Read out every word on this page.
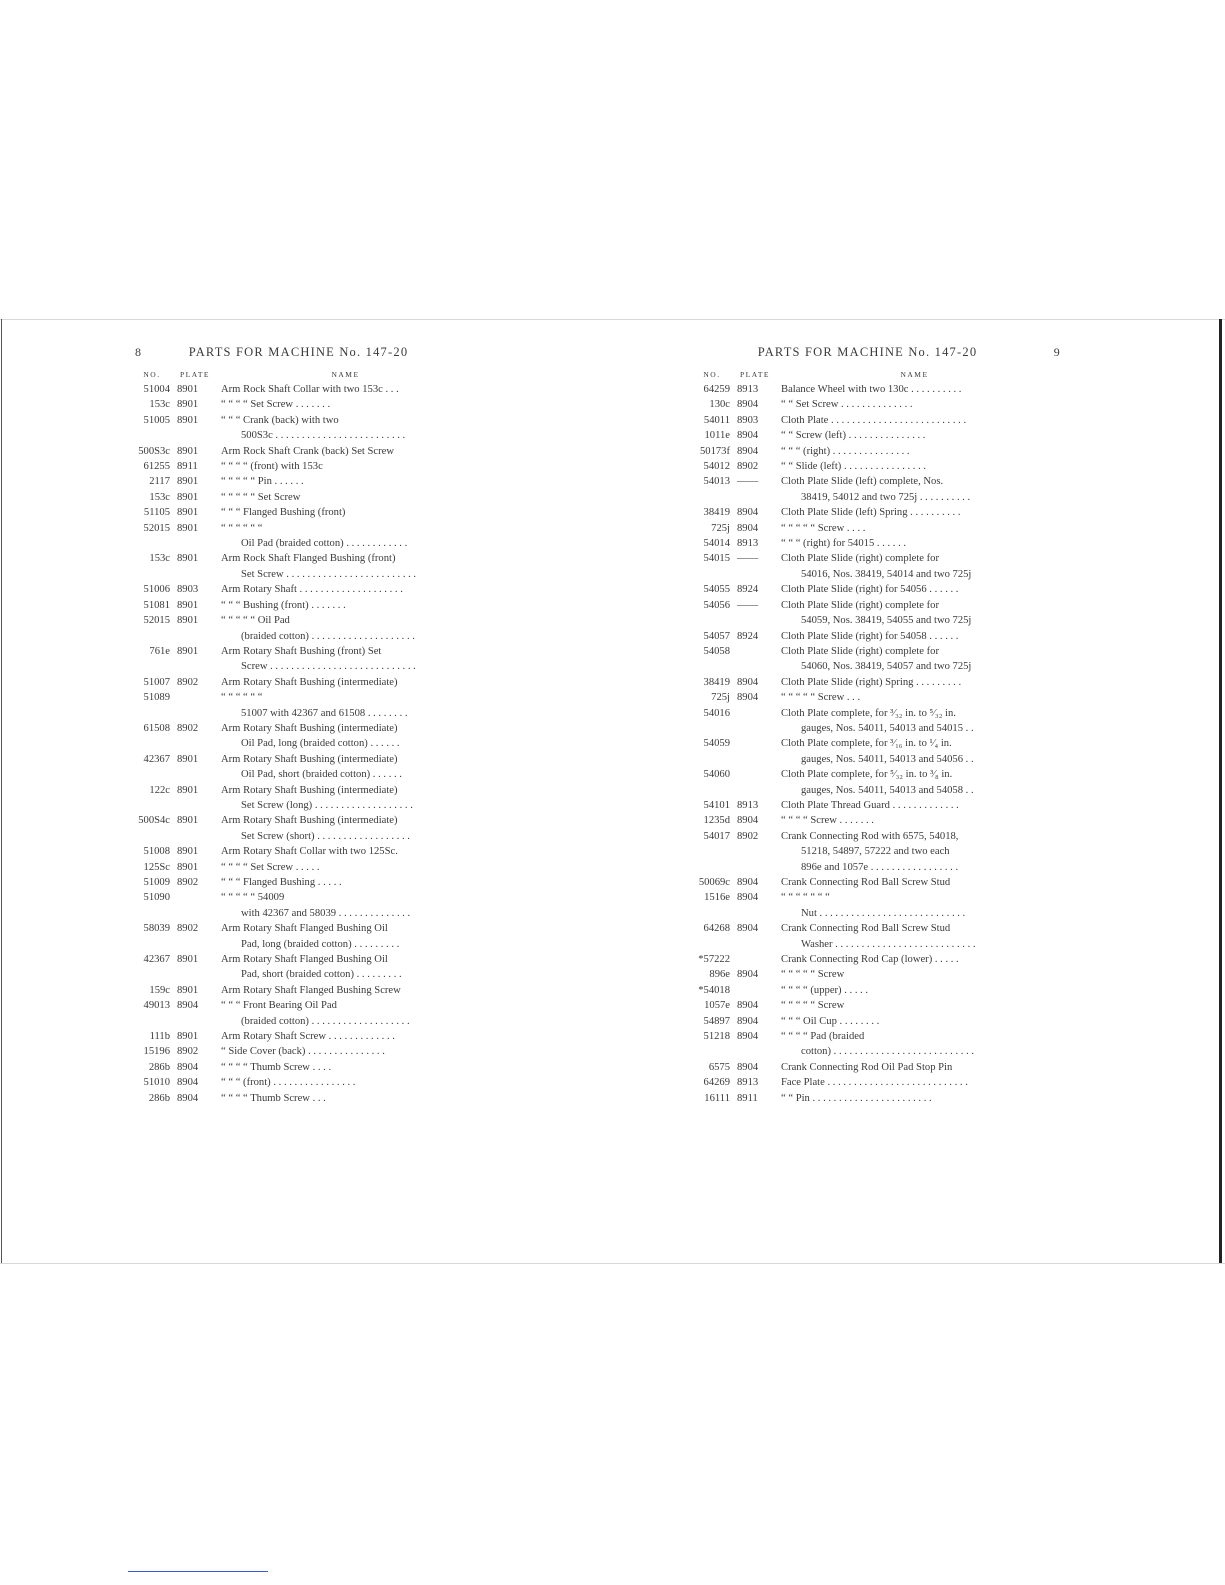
PARTS FOR MACHINE No. 147-20
8
NO.	PLATE	NAME
51004 8901	Arm Rock Shaft Collar with two 153c . . .
153c 8901	“ “ “ “ Set Screw . . . . . . .
51005 8901	“ “ “ Crank (back) with two
500S3c . . . . . . . . . . . . . . . . . . . . . . . . .
500S3c 8901	Arm Rock Shaft Crank (back) Set Screw
61255 8911	“ “ “ “ (front) with 153c
2117 8901	“ “ “ “ “ Pin . . . . . .
153c 8901	“ “ “ “ “ Set Screw
51105 8901	“ “ “ Flanged Bushing (front)
52015 8901	“ “ “ “ “ “
Oil Pad (braided cotton) . . . . . . . . . . . .
153c 8901	Arm Rock Shaft Flanged Bushing (front)
Set Screw . . . . . . . . . . . . . . . . . . . . . . . . .
51006 8903	Arm Rotary Shaft . . . . . . . . . . . . . . . . . . . .
51081 8901	“ “ “ Bushing (front) . . . . . . .
52015 8901	“ “ “ “ “ Oil Pad
(braided cotton) . . . . . . . . . . . . . . . . . . . .
761e 8901	Arm Rotary Shaft Bushing (front) Set
Screw . . . . . . . . . . . . . . . . . . . . . . . . . . . .
51007 8902	Arm Rotary Shaft Bushing (intermediate)
51089	“ “ “ “ “ “
51007 with 42367 and 61508 . . . . . . . .
61508 8902	Arm Rotary Shaft Bushing (intermediate)
Oil Pad, long (braided cotton) . . . . . .
42367 8901	Arm Rotary Shaft Bushing (intermediate)
Oil Pad, short (braided cotton) . . . . . .
122c 8901	Arm Rotary Shaft Bushing (intermediate)
Set Screw (long) . . . . . . . . . . . . . . . . . . .
500S4c 8901	Arm Rotary Shaft Bushing (intermediate)
Set Screw (short) . . . . . . . . . . . . . . . . . .
51008 8901	Arm Rotary Shaft Collar with two 125Sc.
125Sc 8901	“ “ “ “ Set Screw . . . . .
51009 8902	“ “ “ Flanged Bushing . . . . .
51090	“ “ “ “ “ 54009
with 42367 and 58039 . . . . . . . . . . . . . .
58039 8902	Arm Rotary Shaft Flanged Bushing Oil
Pad, long (braided cotton) . . . . . . . . .
42367 8901	Arm Rotary Shaft Flanged Bushing Oil
Pad, short (braided cotton) . . . . . . . . .
159c 8901	Arm Rotary Shaft Flanged Bushing Screw
49013 8904	“ “ “ Front Bearing Oil Pad
(braided cotton) . . . . . . . . . . . . . . . . . . .
111b 8901	Arm Rotary Shaft Screw . . . . . . . . . . . . .
15196 8902	“ Side Cover (back) . . . . . . . . . . . . . . .
286b 8904	“ “ “ “ Thumb Screw . . . .
51010 8904	“ “ “ (front) . . . . . . . . . . . . . . . .
286b 8904	“ “ “ “ Thumb Screw . . .
PARTS FOR MACHINE No. 147-20	9
NO.	PLATE	NAME
64259 8913	Balance Wheel with two 130c . . . . . . . . . .
130c 8904	“ “ Set Screw . . . . . . . . . . . . . .
54011 8903	Cloth Plate . . . . . . . . . . . . . . . . . . . . . . . . . .
1011e 8904	“ “ Screw (left) . . . . . . . . . . . . . . .
50173f 8904	“ “ “ (right) . . . . . . . . . . . . . . .
54012 8902	“ “ Slide (left) . . . . . . . . . . . . . . . .
54013 ——	Cloth Plate Slide (left) complete, Nos.
38419, 54012 and two 725j . . . . . . . . . .
38419 8904	Cloth Plate Slide (left) Spring . . . . . . . . . .
725j 8904	“ “ “ “ “ Screw . . . .
54014 8913	“ “ “ (right) for 54015 . . . . . .
54015 ——	Cloth Plate Slide (right) complete for
54016, Nos. 38419, 54014 and two 725j
54055 8924	Cloth Plate Slide (right) for 54056 . . . . . .
54056 ——	Cloth Plate Slide (right) complete for
54059, Nos. 38419, 54055 and two 725j
54057 8924	Cloth Plate Slide (right) for 54058 . . . . . .
54058	Cloth Plate Slide (right) complete for
54060, Nos. 38419, 54057 and two 725j
38419 8904	Cloth Plate Slide (right) Spring . . . . . . . . .
725j 8904	“ “ “ “ “ Screw . . .
54016	Cloth Plate complete, for ³⁄₃₂ in. to ⁵⁄₃₂ in.
gauges, Nos. 54011, 54013 and 54015 . .
54059	Cloth Plate complete, for ³⁄₁₆ in. to ¹⁄₄ in.
gauges, Nos. 54011, 54013 and 54056 . .
54060	Cloth Plate complete, for ⁵⁄₃₂ in. to ³⁄₈ in.
gauges, Nos. 54011, 54013 and 54058 . .
54101 8913	Cloth Plate Thread Guard . . . . . . . . . . . . .
1235d 8904	“ “ “ “ Screw . . . . . . .
54017 8902	Crank Connecting Rod with 6575, 54018,
51218, 54897, 57222 and two each
896e and 1057e . . . . . . . . . . . . . . . . .
50069c 8904	Crank Connecting Rod Ball Screw Stud
1516e 8904	“ “ “ “ “ “ “
Nut . . . . . . . . . . . . . . . . . . . . . . . . . . . .
64268 8904	Crank Connecting Rod Ball Screw Stud
Washer . . . . . . . . . . . . . . . . . . . . . . . . . . .
*57222	Crank Connecting Rod Cap (lower) . . . . .
896e 8904	“ “ “ “ “ Screw
*54018	“ “ “ “ (upper) . . . . .
1057e 8904	“ “ “ “ “ Screw
54897 8904	“ “ “ Oil Cup . . . . . . . .
51218 8904	“ “ “ “ Pad (braided
cotton) . . . . . . . . . . . . . . . . . . . . . . . . . . .
6575 8904	Crank Connecting Rod Oil Pad Stop Pin
64269 8913	Face Plate . . . . . . . . . . . . . . . . . . . . . . . . . . .
16111 8911	“ “ Pin . . . . . . . . . . . . . . . . . . . . . . .
